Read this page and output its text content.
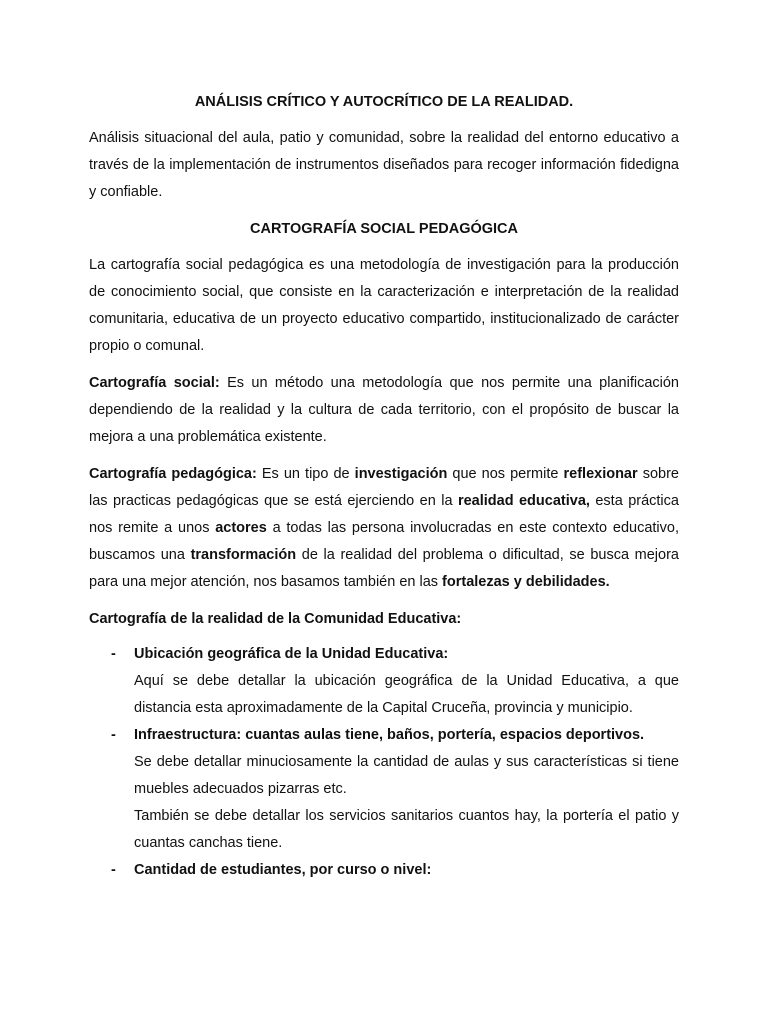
ANÁLISIS CRÍTICO Y AUTOCRÍTICO DE LA REALIDAD.

Análisis situacional del aula, patio y comunidad, sobre la realidad del entorno educativo a través de la implementación de instrumentos diseñados para recoger información fidedigna y confiable.

CARTOGRAFÍA SOCIAL PEDAGÓGICA

La cartografía social pedagógica es una metodología de investigación para la producción de conocimiento social, que consiste en la caracterización e interpretación de la realidad comunitaria, educativa de un proyecto educativo compartido, institucionalizado de carácter propio o comunal.

Cartografía social: Es un método una metodología que nos permite una planificación dependiendo de la realidad y la cultura de cada territorio, con el propósito de buscar la mejora a una problemática existente.

Cartografía pedagógica: Es un tipo de investigación que nos permite reflexionar sobre las practicas pedagógicas que se está ejerciendo en la realidad educativa, esta práctica nos remite a unos actores a todas las persona involucradas en este contexto educativo, buscamos una transformación de la realidad del problema o dificultad, se busca mejora para una mejor atención, nos basamos también en las fortalezas y debilidades.

Cartografía de la realidad de la Comunidad Educativa:
- Ubicación geográfica de la Unidad Educativa:
Aquí se debe detallar la ubicación geográfica de la Unidad Educativa, a que distancia esta aproximadamente de la Capital Cruceña, provincia y municipio.
- Infraestructura: cuantas aulas tiene, baños, portería, espacios deportivos.
Se debe detallar minuciosamente la cantidad de aulas y sus características si tiene muebles adecuados pizarras etc.
También se debe detallar los servicios sanitarios cuantos hay, la portería el patio y cuantas canchas tiene.
- Cantidad de estudiantes, por curso o nivel:
